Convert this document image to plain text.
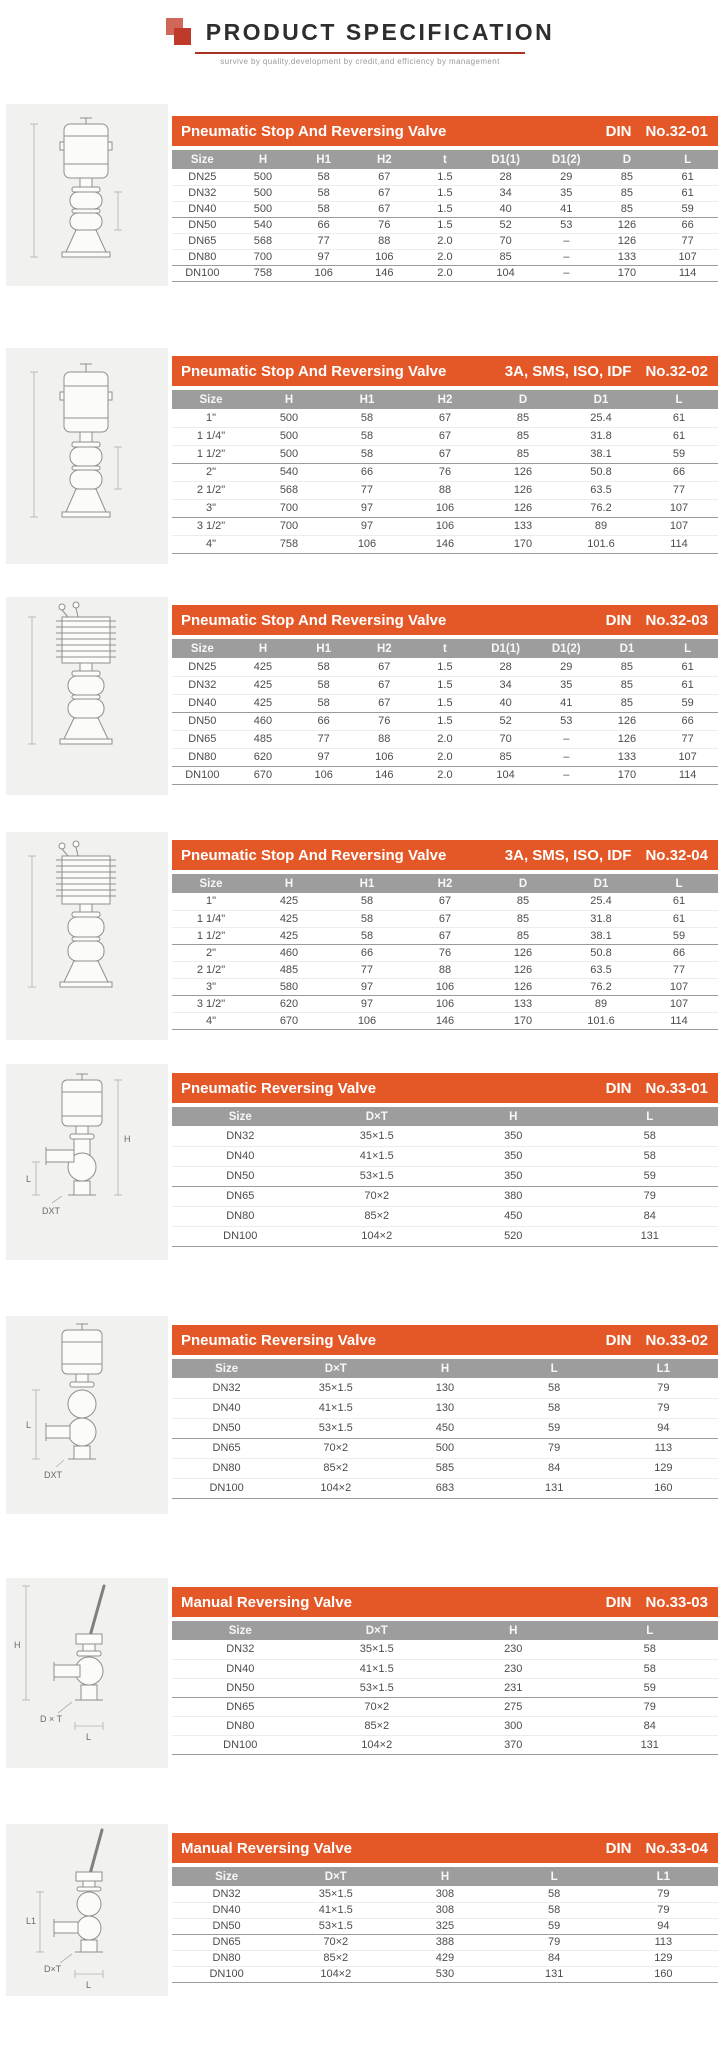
PRODUCT SPECIFICATION
survive by quality,development by credit,and efficiency by management
Pneumatic Stop And Reversing Valve	DIN No.32-01
Size	H	H1	H2	t	D1(1)	D1(2)	D	L
DN25	500	58	67	1.5	28	29	85	61
DN32	500	58	67	1.5	34	35	85	61
DN40	500	58	67	1.5	40	41	85	59
DN50	540	66	76	1.5	52	53	126	66
DN65	568	77	88	2.0	70	–	126	77
DN80	700	97	106	2.0	85	–	133	107
DN100	758	106	146	2.0	104	–	170	114
Pneumatic Stop And Reversing Valve	3A, SMS, ISO, IDF No.32-02
Size	H	H1	H2	D	D1	L
1"	500	58	67	85	25.4	61
1 1/4"	500	58	67	85	31.8	61
1 1/2"	500	58	67	85	38.1	59
2"	540	66	76	126	50.8	66
2 1/2"	568	77	88	126	63.5	77
3"	700	97	106	126	76.2	107
3 1/2"	700	97	106	133	89	107
4"	758	106	146	170	101.6	114
Pneumatic Stop And Reversing Valve	DIN No.32-03
Size	H	H1	H2	t	D1(1)	D1(2)	D1	L
DN25	425	58	67	1.5	28	29	85	61
DN32	425	58	67	1.5	34	35	85	61
DN40	425	58	67	1.5	40	41	85	59
DN50	460	66	76	1.5	52	53	126	66
DN65	485	77	88	2.0	70	–	126	77
DN80	620	97	106	2.0	85	–	133	107
DN100	670	106	146	2.0	104	–	170	114
Pneumatic Stop And Reversing Valve	3A, SMS, ISO, IDF No.32-04
Size	H	H1	H2	D	D1	L
1"	425	58	67	85	25.4	61
1 1/4"	425	58	67	85	31.8	61
1 1/2"	425	58	67	85	38.1	59
2"	460	66	76	126	50.8	66
2 1/2"	485	77	88	126	63.5	77
3"	580	97	106	126	76.2	107
3 1/2"	620	97	106	133	89	107
4"	670	106	146	170	101.6	114
H
L
DXT
Pneumatic Reversing Valve	DIN No.33-01
Size	D×T	H	L
DN32	35×1.5	350	58
DN40	41×1.5	350	58
DN50	53×1.5	350	59
DN65	70×2	380	79
DN80	85×2	450	84
DN100	104×2	520	131
L
DXT
Pneumatic Reversing Valve	DIN No.33-02
Size	D×T	H	L	L1
DN32	35×1.5	130	58	79
DN40	41×1.5	130	58	79
DN50	53×1.5	450	59	94
DN65	70×2	500	79	113
DN80	85×2	585	84	129
DN100	104×2	683	131	160
H
D × T
L
Manual Reversing Valve	DIN No.33-03
Size	D×T	H	L
DN32	35×1.5	230	58
DN40	41×1.5	230	58
DN50	53×1.5	231	59
DN65	70×2	275	79
DN80	85×2	300	84
DN100	104×2	370	131
L1
D×T
L
Manual Reversing Valve	DIN No.33-04
Size	D×T	H	L	L1
DN32	35×1.5	308	58	79
DN40	41×1.5	308	58	79
DN50	53×1.5	325	59	94
DN65	70×2	388	79	113
DN80	85×2	429	84	129
DN100	104×2	530	131	160
